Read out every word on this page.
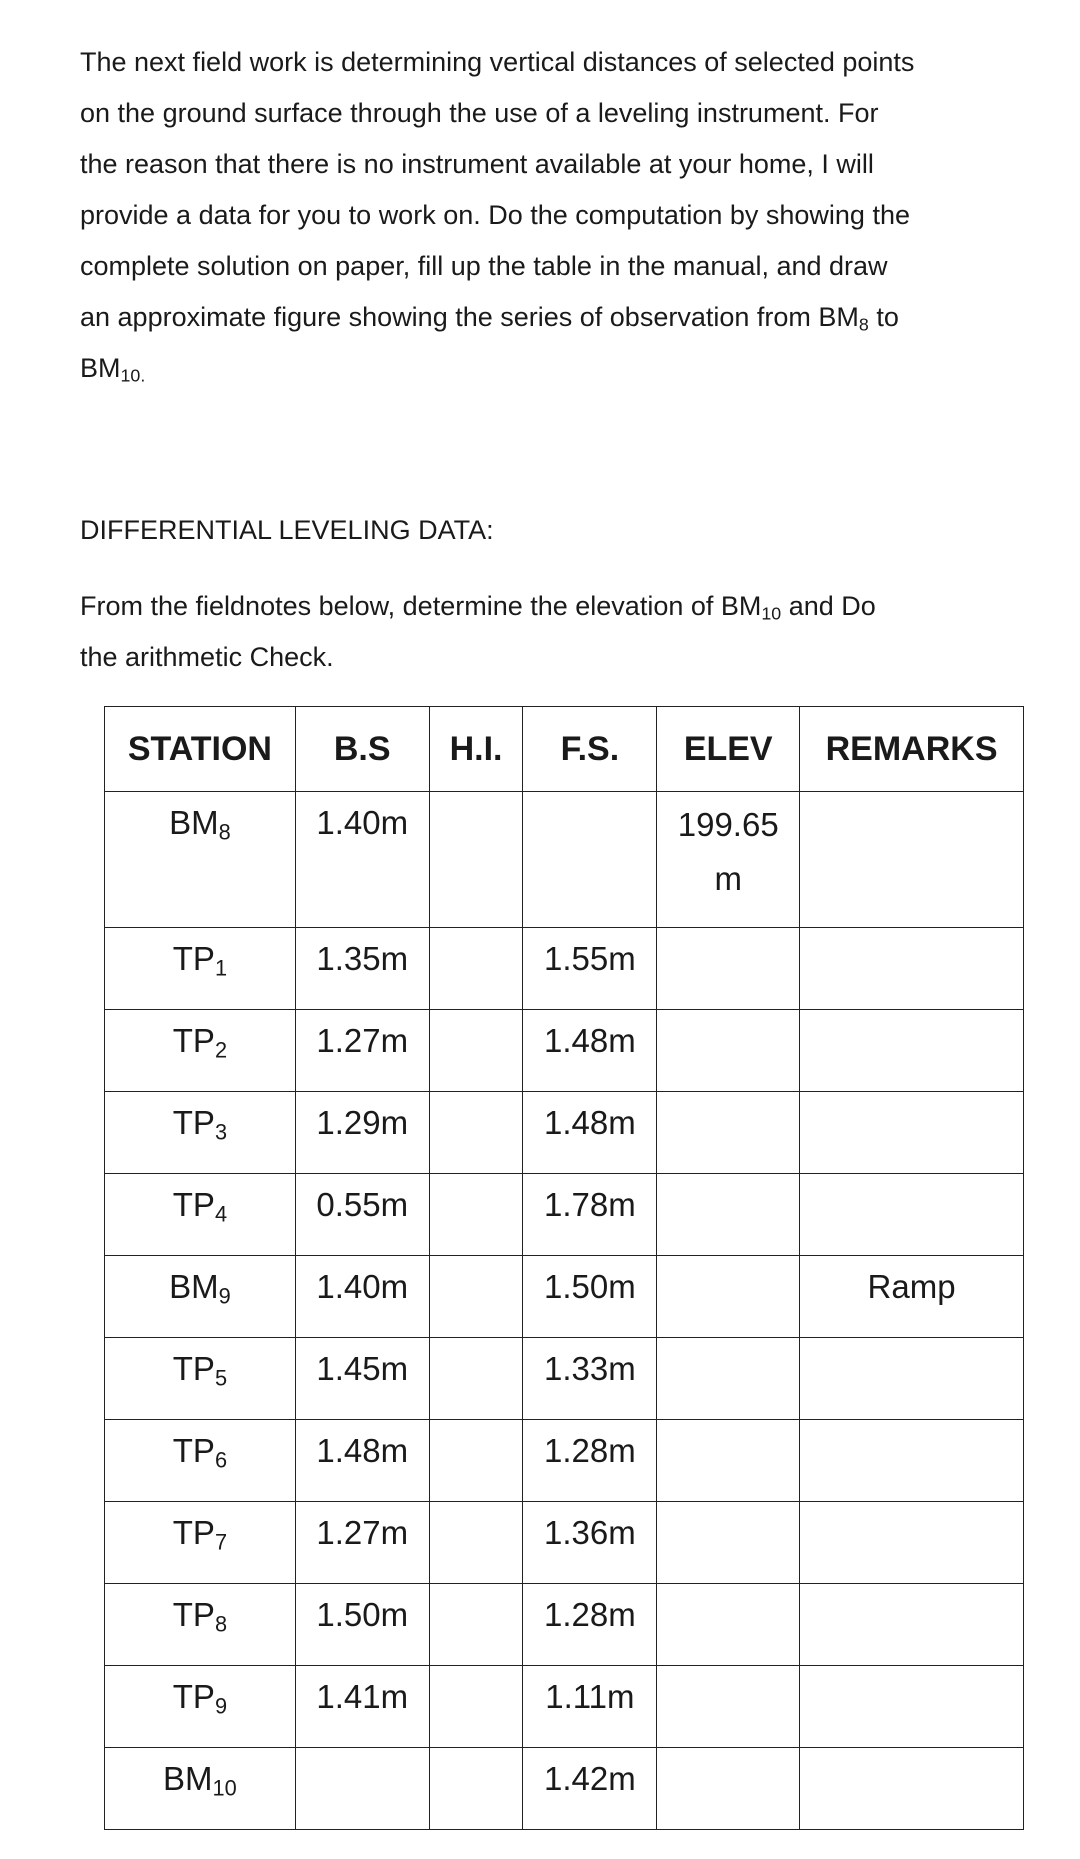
The next field work is determining vertical distances of selected points
on the ground surface through the use of a leveling instrument. For
the reason that there is no instrument available at your home, I will
provide a data for you to work on. Do the computation by showing the
complete solution on paper, fill up the table in the manual, and draw
an approximate figure showing the series of observation from $BM_8$ to
$BM_{10.}$
DIFFERENTIAL LEVELING DATA:
From the fieldnotes below, determine the elevation of $BM_{10}$ and Do
the arithmetic Check.
STATION	B.S	H.I.	F.S.	ELEV	REMARKS
$BM_8$	1.40m			199.65
m	
$TP_1$	1.35m		1.55m		
$TP_2$	1.27m		1.48m		
$TP_3$	1.29m		1.48m		
$TP_4$	0.55m		1.78m		
$BM_9$	1.40m		1.50m		Ramp
$TP_5$	1.45m		1.33m		
$TP_6$	1.48m		1.28m		
$TP_7$	1.27m		1.36m		
$TP_8$	1.50m		1.28m		
$TP_9$	1.41m		1.11m		
$BM_{10}$			1.42m		
